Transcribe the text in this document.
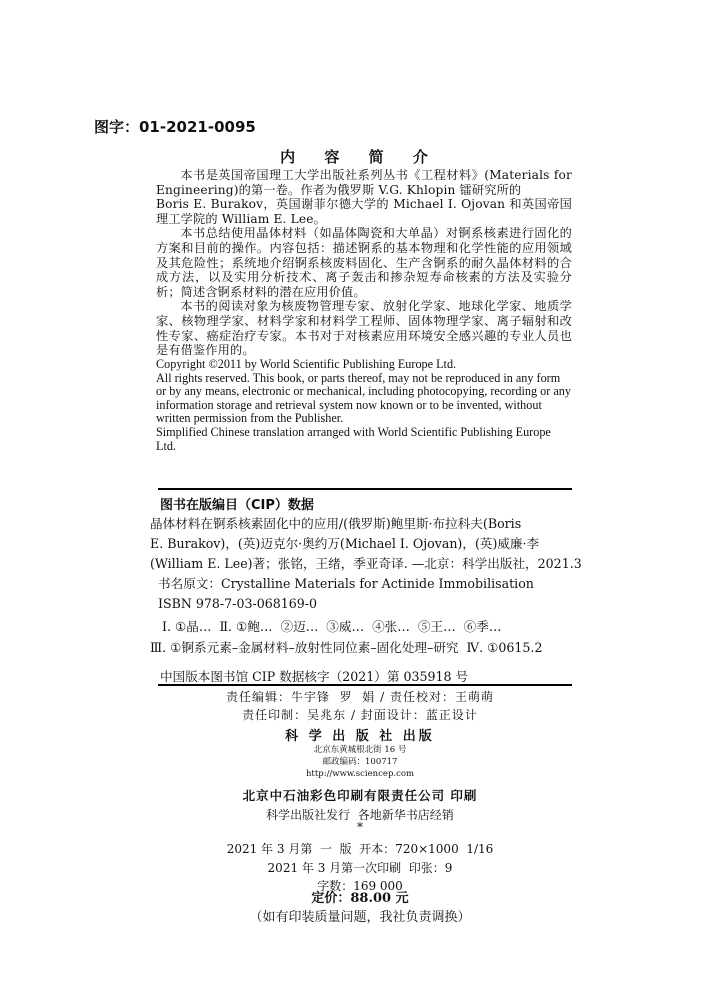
图字：01-2021-0095
内 容 简 介

本书是英国帝国理工大学出版社系列丛书《工程材料》(Materials for Engineering)的第一卷。作者为俄罗斯 V.G. Khlopin 镭研究所的

Boris E. Burakov，英国谢菲尔德大学的 Michael I. Ojovan 和英国帝国理工学院的 William E. Lee。

本书总结使用晶体材料（如晶体陶瓷和大单晶）对锕系核素进行固化的方案和目前的操作。内容包括：描述锕系的基本物理和化学性能的应用领域及其危险性；系统地介绍锕系核废料固化、生产含锕系的耐久晶体材料的合成方法，以及实用分析技术、离子轰击和掺杂短寿命核素的方法及实验分析；简述含锕系材料的潜在应用价值。

本书的阅读对象为核废物管理专家、放射化学家、地球化学家、地质学家、核物理学家、材料学家和材料学工程师、固体物理学家、离子辐射和改性专家、癌症治疗专家。本书对于对核素应用环境安全感兴趣的专业人员也是有借鉴作用的。

Copyright ©2011 by World Scientific Publishing Europe Ltd.
All rights reserved. This book, or parts thereof, may not be reproduced in any form or by any means, electronic or mechanical, including photocopying, recording or any information storage and retrieval system now known or to be invented, without written permission from the Publisher.
Simplified Chinese translation arranged with World Scientific Publishing Europe Ltd.
图书在版编目（CIP）数据
晶体材料在锕系核素固化中的应用/(俄罗斯)鲍里斯·布拉科夫(Boris
E. Burakov)，(英)迈克尔·奥约万(Michael I. Ojovan)，(英)威廉·李
(William E. Lee)著；张铭，王绪，季亚奇译. —北京：科学出版社，2021.3
书名原文：Crystalline Materials for Actinide Immobilisation
ISBN 978-7-03-068169-0
Ⅰ. ①晶…  Ⅱ. ①鲍…  ②迈…  ③威…  ④张…  ⑤王…  ⑥季…
Ⅲ. ①锕系元素–金属材料–放射性同位素–固化处理–研究  Ⅳ. ①0615.2
中国版本图书馆 CIP 数据核字（2021）第 035918 号
责任编辑：牛宇锋  罗  娟 / 责任校对：王萌萌
责任印制：吴兆东 / 封面设计：蓝正设计
科 学 出 版 社 出版
北京东黄城根北街 16 号
邮政编码：100717
http://www.sciencep.com
北京中石油彩色印刷有限责任公司 印刷
科学出版社发行  各地新华书店经销
*
2021 年 3 月第  一  版  开本：720×1000  1/16
2021 年 3 月第一次印刷  印张：9
字数：169 000
定价：88.00 元
（如有印装质量问题，我社负责调换）
